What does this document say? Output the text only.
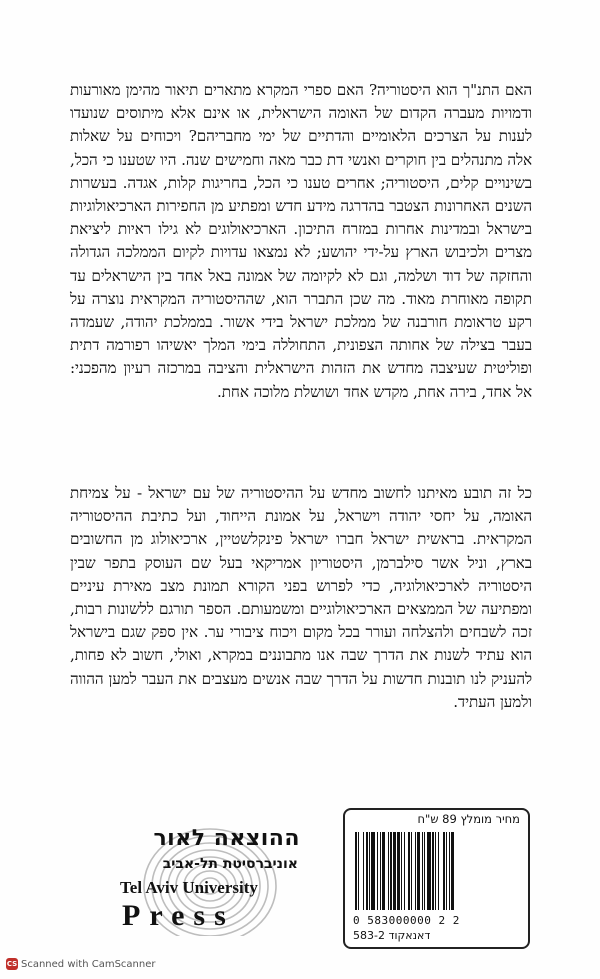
האם התנ"ך הוא היסטוריה? האם ספרי המקרא מתארים תיאור מהימן מאורעות ודמויות מעברה הקדום של האומה הישראלית, או אינם אלא מיתוסים שנועדו לענות על הצרכים הלאומיים והדתיים של ימי מחבריהם? ויכוחים על שאלות אלה מתנהלים בין חוקרים ואנשי דת כבר מאה וחמישים שנה. היו שטענו כי הכל, בשינויים קלים, היסטוריה; אחרים טענו כי הכל, בחריגות קלות, אגדה. בעשרות השנים האחרונות הצטבר בהדרגה מידע חדש ומפתיע מן החפירות הארכיאולוגיות בישראל ובמדינות אחרות במזרח התיכון. הארכיאולוגים לא גילו ראיות ליציאת מצרים ולכיבוש הארץ על-ידי יהושע; לא נמצאו עדויות לקיום הממלכה הגדולה והחזקה של דוד ושלמה, וגם לא לקיומה של אמונה באל אחד בין הישראלים עד תקופה מאוחרת מאוד. מה שכן התברר הוא, שההיסטוריה המקראית נוצרה על רקע טראומת חורבנה של ממלכת ישראל בידי אשור. בממלכת יהודה, שעמדה בעבר בצילה של אחותה הצפונית, התחוללה בימי המלך יאשיהו רפורמה דתית ופוליטית שעיצבה מחדש את הזהות הישראלית והציבה במרכזה רעיון מהפכני: אל אחד, בירה אחת, מקדש אחד ושושלת מלוכה אחת.

כל זה תובע מאיתנו לחשוב מחדש על ההיסטוריה של עם ישראל - על צמיחת האומה, על יחסי יהודה וישראל, על אמונת הייחוד, ועל כתיבת ההיסטוריה המקראית. בראשית ישראל חברו ישראל פינקלשטיין, ארכיאולוג מן החשובים בארץ, וניל אשר סילברמן, היסטוריון אמריקאי בעל שם העוסק בתפר שבין היסטוריה לארכיאולוגיה, כדי לפרוש בפני הקורא תמונת מצב מאירת עיניים ומפתיעה של הממצאים הארכיאולוגיים ומשמעותם. הספר תורגם ללשונות רבות, זכה לשבחים ולהצלחה ועורר בכל מקום ויכוח ציבורי ער. אין ספק שגם בישראל הוא עתיד לשנות את הדרך שבה אנו מתבוננים במקרא, ואולי, חשוב לא פחות, להעניק לנו תובנות חדשות על הדרך שבה אנשים מעצבים את העבר למען ההווה ולמען העתיד.

ההוצאה לאור
אוניברסיטת תל-אביב
Tel Aviv University
Press
מחיר מומלץ 89 ש"ח
0 583000000 2 2
583-2 דאנאקוד
CS Scanned with CamScanner
